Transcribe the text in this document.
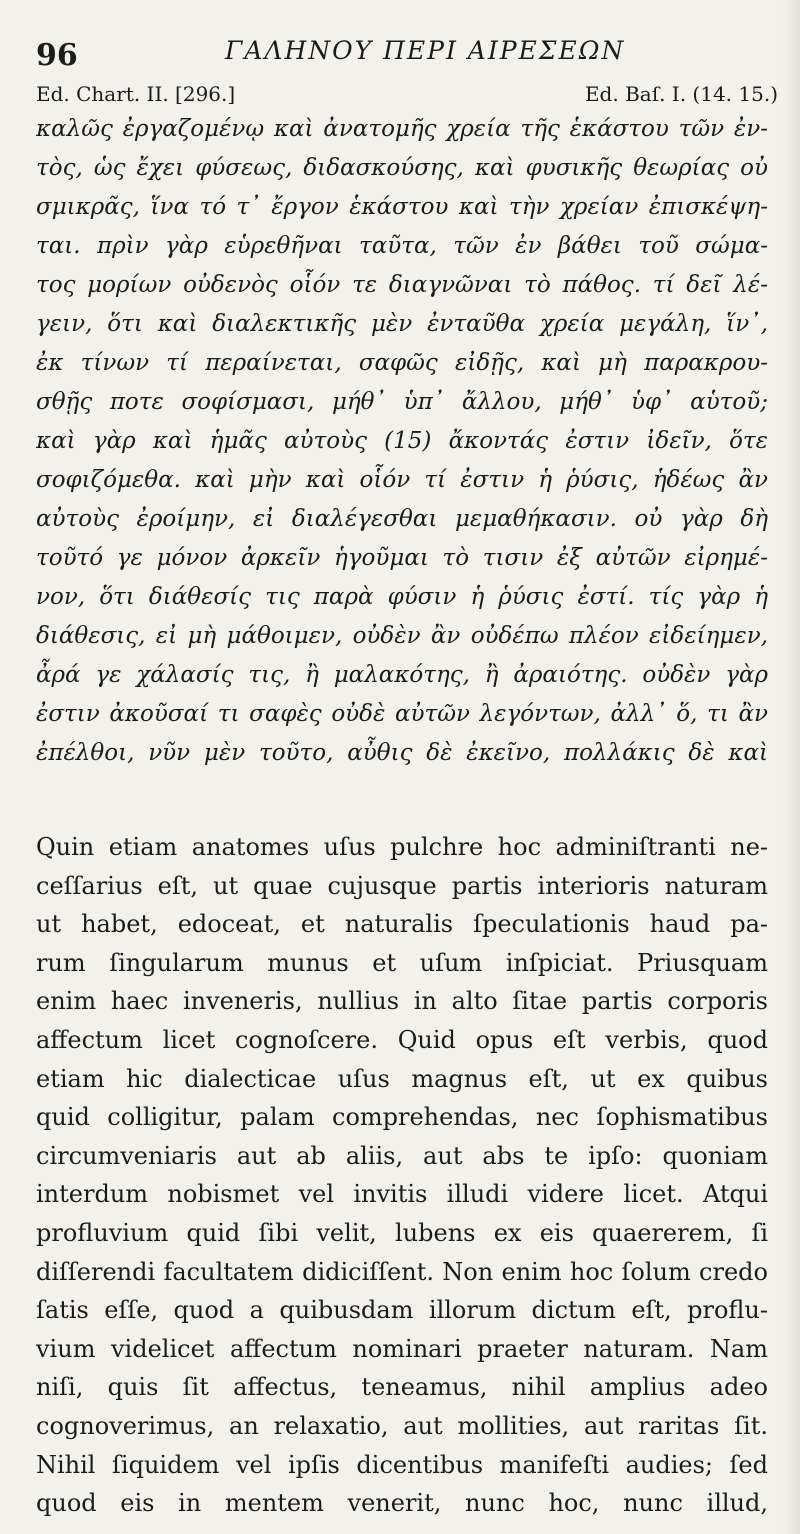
96	ΓΑΛΗΝΟΥ ΠΕΡΙ ΑΙΡΕΣΕΩΝ
Ed. Chart. II. [296.]	Ed. Baſ. I. (14. 15.)
καλῶς ἐργαζομένῳ καὶ ἀνατομῆς χρεία τῆς ἑκάστου τῶν ἐν-
τὸς, ὡς ἔχει φύσεως, διδασκούσης, καὶ φυσικῆς θεωρίας οὐ
σμικρᾶς, ἵνα τό τ᾽ ἔργον ἑκάστου καὶ τὴν χρείαν ἐπισκέψη-
ται. πρὶν γὰρ εὑρεθῆναι ταῦτα, τῶν ἐν βάθει τοῦ σώμα-
τος μορίων οὐδενὸς οἷόν τε διαγνῶναι τὸ πάθος. τί δεῖ λέ-
γειν, ὅτι καὶ διαλεκτικῆς μὲν ἐνταῦθα χρεία μεγάλη, ἵν᾽,
ἐκ τίνων τί περαίνεται, σαφῶς εἰδῇς, καὶ μὴ παρακρου-
σθῇς ποτε σοφίσμασι, μήθ᾽ ὑπ᾽ ἄλλου, μήθ᾽ ὑφ᾽ αὑτοῦ;
καὶ γὰρ καὶ ἡμᾶς αὐτοὺς (15) ἄκοντάς ἐστιν ἰδεῖν, ὅτε
σοφιζόμεθα. καὶ μὴν καὶ οἷόν τί ἐστιν ἡ ῥύσις, ἡδέως ἂν
αὐτοὺς ἐροίμην, εἰ διαλέγεσθαι μεμαθήκασιν. οὐ γὰρ δὴ
τοῦτό γε μόνον ἀρκεῖν ἡγοῦμαι τὸ τισιν ἐξ αὐτῶν εἰρημέ-
νον, ὅτι διάθεσίς τις παρὰ φύσιν ἡ ῥύσις ἐστί. τίς γὰρ ἡ
διάθεσις, εἰ μὴ μάθοιμεν, οὐδὲν ἂν οὐδέπω πλέον εἰδείημεν,
ἆρά γε χάλασίς τις, ἢ μαλακότης, ἢ ἀραιότης. οὐδὲν γὰρ
ἐστιν ἀκοῦσαί τι σαφὲς οὐδὲ αὐτῶν λεγόντων, ἀλλ᾽ ὅ, τι ἂν
ἐπέλθοι, νῦν μὲν τοῦτο, αὖθις δὲ ἐκεῖνο, πολλάκις δὲ καὶ
Quin etiam anatomes uſus pulchre hoc adminiſtranti ne-
ceſſarius eſt, ut quae cujusque partis interioris naturam
ut habet, edoceat, et naturalis ſpeculationis haud pa-
rum ſingularum munus et uſum inſpiciat. Priusquam
enim haec inveneris, nullius in alto ſitae partis corporis
affectum licet cognoſcere. Quid opus eſt verbis, quod
etiam hic dialecticae uſus magnus eſt, ut ex quibus
quid colligitur, palam comprehendas, nec ſophismatibus
circumveniaris aut ab aliis, aut abs te ipſo: quoniam
interdum nobismet vel invitis illudi videre licet. Atqui
profluvium quid ſibi velit, lubens ex eis quaererem, ſi
diſſerendi facultatem didiciſſent. Non enim hoc ſolum credo
ſatis eſſe, quod a quibusdam illorum dictum eſt, proflu-
vium videlicet affectum nominari praeter naturam. Nam
niſi, quis ſit affectus, teneamus, nihil amplius adeo
cognoverimus, an relaxatio, aut mollities, aut raritas ſit.
Nihil ſiquidem vel ipſis dicentibus manifeſti audies; ſed
quod eis in mentem venerit, nunc hoc, nunc illud,
